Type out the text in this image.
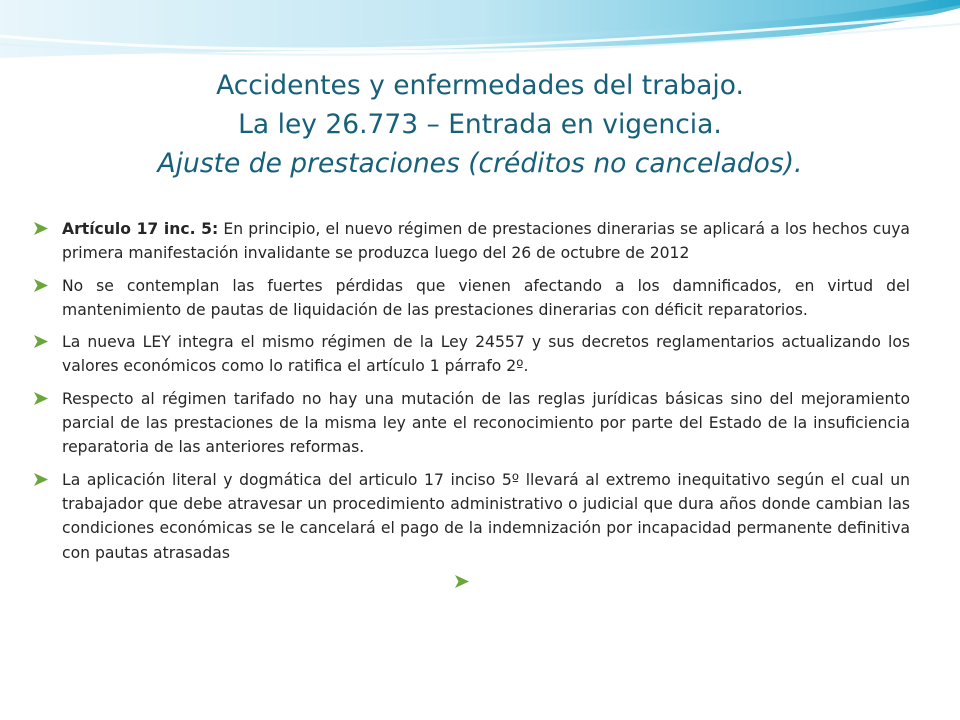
Accidentes y enfermedades del trabajo.
La ley 26.773 – Entrada en vigencia.
Ajuste de prestaciones (créditos no cancelados).
Artículo 17 inc. 5: En principio, el nuevo régimen de prestaciones dinerarias se aplicará a los hechos cuya primera manifestación invalidante se produzca luego del 26 de octubre de 2012
No se contemplan las fuertes pérdidas que vienen afectando a los damnificados, en virtud del mantenimiento de pautas de liquidación de las prestaciones dinerarias con déficit reparatorios.
La nueva LEY integra el mismo régimen de la Ley 24557 y sus decretos reglamentarios actualizando los valores económicos como lo ratifica el artículo 1 párrafo 2º.
Respecto al régimen tarifado no hay una mutación de las reglas jurídicas básicas sino del mejoramiento parcial de las prestaciones de la misma ley ante el reconocimiento por parte del Estado de la insuficiencia reparatoria de las anteriores reformas.
La aplicación literal y dogmática del articulo 17 inciso 5º llevará al extremo inequitativo según el cual un trabajador que debe atravesar un procedimiento administrativo o judicial que dura años donde cambian las condiciones económicas se le cancelará el pago de la indemnización por incapacidad permanente definitiva con pautas atrasadas
